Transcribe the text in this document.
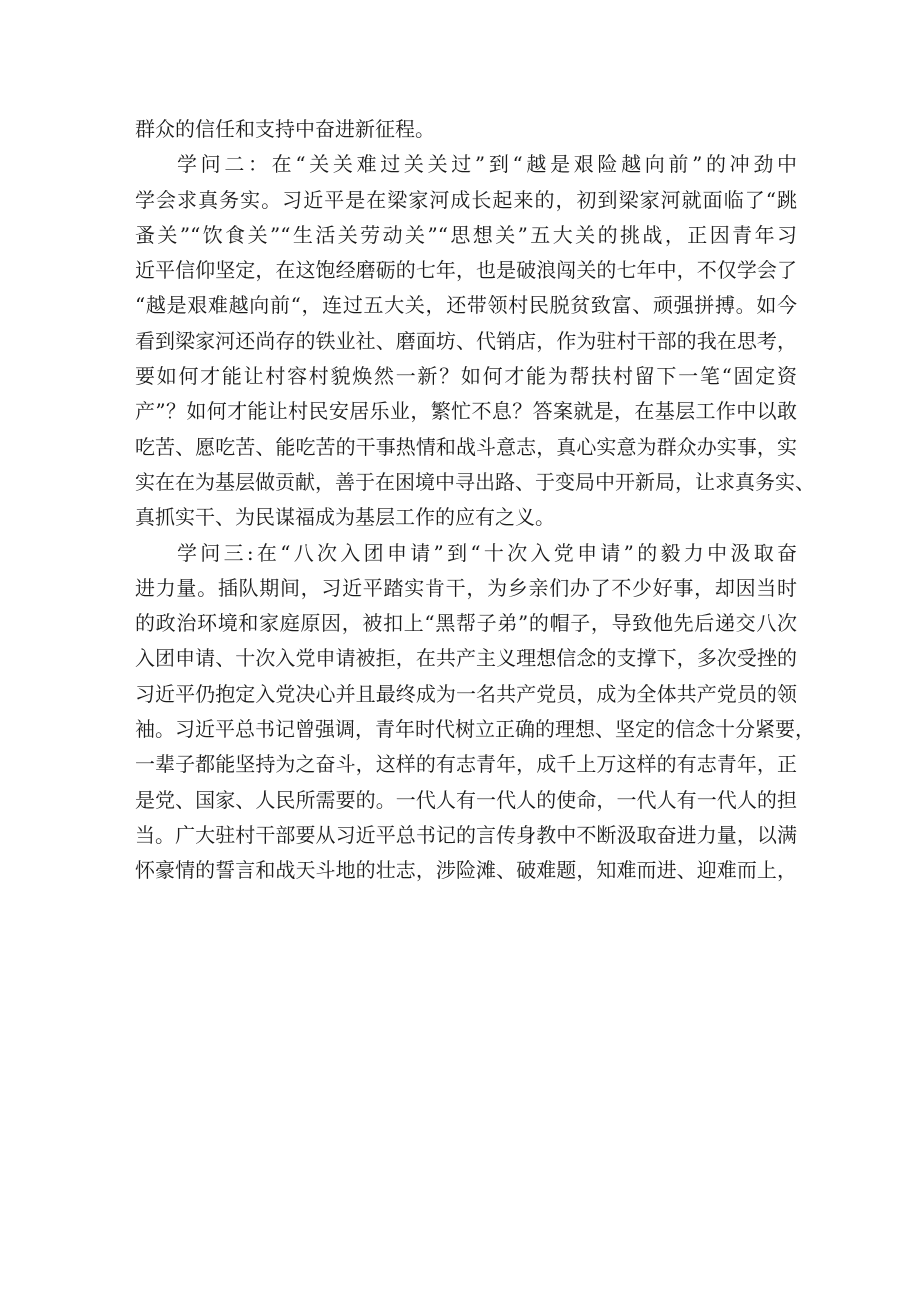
群众的信任和支持中奋进新征程。
学问二：在“关关难过关关过”到“越是艰险越向前”的冲劲中
学会求真务实。习近平是在梁家河成长起来的，初到梁家河就面临了“跳
蚤关”“饮食关”“生活关劳动关”“思想关”五大关的挑战，正因青年习
近平信仰坚定，在这饱经磨砺的七年，也是破浪闯关的七年中，不仅学会了
“越是艰难越向前“，连过五大关，还带领村民脱贫致富、顽强拼搏。如今
看到梁家河还尚存的铁业社、磨面坊、代销店，作为驻村干部的我在思考，
要如何才能让村容村貌焕然一新？如何才能为帮扶村留下一笔“固定资
产”？如何才能让村民安居乐业，繁忙不息？答案就是，在基层工作中以敢
吃苦、愿吃苦、能吃苦的干事热情和战斗意志，真心实意为群众办实事，实
实在在为基层做贡献，善于在困境中寻出路、于变局中开新局，让求真务实、
真抓实干、为民谋福成为基层工作的应有之义。
学问三:在“八次入团申请”到“十次入党申请”的毅力中汲取奋
进力量。插队期间，习近平踏实肯干，为乡亲们办了不少好事，却因当时
的政治环境和家庭原因，被扣上“黑帮子弟”的帽子，导致他先后递交八次
入团申请、十次入党申请被拒，在共产主义理想信念的支撑下，多次受挫的
习近平仍抱定入党决心并且最终成为一名共产党员，成为全体共产党员的领
袖。习近平总书记曾强调，青年时代树立正确的理想、坚定的信念十分紧要，
一辈子都能坚持为之奋斗，这样的有志青年，成千上万这样的有志青年，正
是党、国家、人民所需要的。一代人有一代人的使命，一代人有一代人的担
当。广大驻村干部要从习近平总书记的言传身教中不断汲取奋进力量，以满
怀豪情的誓言和战天斗地的壮志，涉险滩、破难题，知难而进、迎难而上，
